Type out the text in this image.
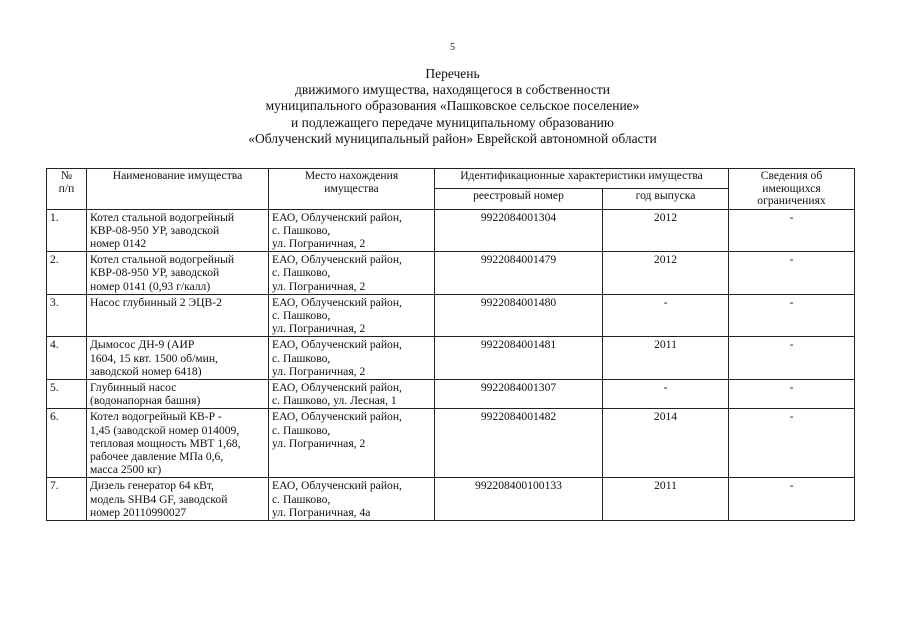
5
Перечень
движимого имущества, находящегося в собственности
муниципального образования «Пашковское сельское поселение»
и подлежащего передаче муниципальному образованию
«Облученский муниципальный район» Еврейской автономной области
№
п/п	Наименование имущества	Место нахождения
имущества	Идентификационные характеристики имущества		Сведения об
имеющихся
ограничениях

			реестровый номер	год выпуска	
1.	Котел стальной водогрейный
КВР-08-950 УР, заводской
номер 0142	ЕАО, Облученский район,
с. Пашково,
ул. Пограничная, 2	9922084001304	2012	-
2.	Котел стальной водогрейный
КВР-08-950 УР, заводской
номер 0141 (0,93 г/калл)	ЕАО, Облученский район,
с. Пашково,
ул. Пограничная, 2	9922084001479	2012	-
3.	Насос глубинный 2 ЭЦВ-2	ЕАО, Облученский район,
с. Пашково,
ул. Пограничная, 2	9922084001480	-	-
4.	Дымосос ДН-9 (АИР
1604, 15 квт. 1500 об/мин,
заводской номер 6418)	ЕАО, Облученский район,
с. Пашково,
ул. Пограничная, 2	9922084001481	2011	-
5.	Глубинный насос
(водонапорная башня)	ЕАО, Облученский район,
с. Пашково, ул. Лесная, 1	9922084001307	-	-
6.	Котел водогрейный КВ-Р -
1,45 (заводской номер 014009,
тепловая мощность МВТ 1,68,
рабочее давление МПа 0,6,
масса 2500 кг)	ЕАО, Облученский район,
с. Пашково,
ул. Пограничная, 2	9922084001482	2014	-
7.	Дизель генератор 64 кВт,
модель SHB4 GF, заводской
номер 20110990027	ЕАО, Облученский район,
с. Пашково,
ул. Пограничная, 4а	992208400100133	2011	-
